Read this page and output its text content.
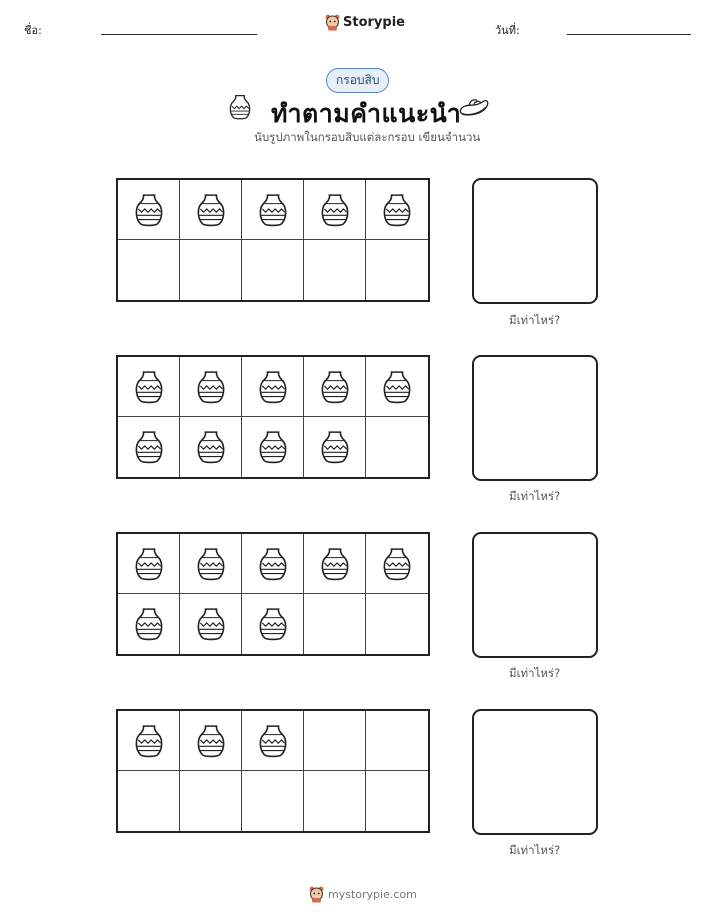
ชื่อ:
Storypie
วันที่:
กรอบสิบ
ทำตามคำแนะนำ
นับรูปภาพในกรอบสิบแต่ละกรอบ เขียนจำนวน
มีเท่าไหร่?
มีเท่าไหร่?
มีเท่าไหร่?
มีเท่าไหร่?
mystorypie.com
